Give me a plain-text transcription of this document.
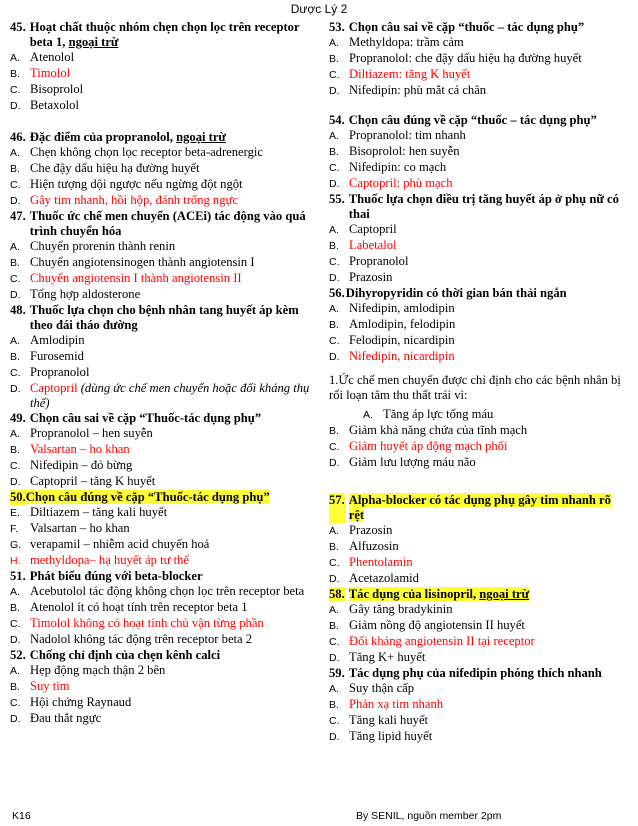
Dược Lý 2
45. Hoạt chất thuộc nhóm chẹn chọn lọc trên receptor beta 1, ngoại trừ
A. Atenolol
B. Timolol
C. Bisoprolol
D. Betaxolol
46. Đặc điểm của propranolol, ngoại trừ
A. Chẹn không chọn lọc receptor beta-adrenergic
B. Che đậy dấu hiệu hạ đường huyết
C. Hiện tượng dội ngược nếu ngừng đột ngột
D. Gây tim nhanh, hồi hộp, đánh trống ngực
47. Thuốc ức chế men chuyển (ACEi) tác động vào quá trình chuyển hóa
A. Chuyển prorenin thành renin
B. Chuyển angiotensinogen thành angiotensin I
C. Chuyển angiotensin I thành angiotensin II
D. Tổng hợp aldosterone
48. Thuốc lựa chọn cho bệnh nhân tang huyết áp kèm theo đái tháo đường
A. Amlodipin
B. Furosemid
C. Propranolol
D. Captopril (dùng ức chế men chuyển hoặc đối kháng thụ thể)
49. Chọn câu sai về cặp “Thuốc-tác dụng phụ”
A. Propranolol – hen suyễn
B. Valsartan – ho khan
C. Nifedipin – đỏ bừng
D. Captopril – tăng K huyết
50. Chọn câu đúng về cặp “Thuốc-tác dụng phụ”
E. Diltiazem – tăng kali huyết
F. Valsartan – ho khan
G. verapamil – nhiễm acid chuyển hoá
H. methyldopa– hạ huyết áp tư thế
51. Phát biểu đúng với beta-blocker
A. Acebutolol tác động không chọn lọc trên receptor beta
B. Atenolol ít có hoạt tính trên receptor beta 1
C. Timolol không có hoạt tính chủ vận từng phần
D. Nadolol không tác động trên receptor beta 2
52. Chống chỉ định của chẹn kênh calci
A. Hẹp động mạch thận 2 bên
B. Suy tim
C. Hội chứng Raynaud
D. Đau thắt ngực
53. Chọn câu sai về cặp “thuốc – tác dụng phụ”
A. Methyldopa: trầm cảm
B. Propranolol: che đậy dấu hiệu hạ đường huyết
C. Diltiazem: tăng K huyết
D. Nifedipin: phù mắt cá chân
54. Chọn câu đúng về cặp “thuốc – tác dụng phụ”
A. Propranolol: tim nhanh
B. Bisoprolol: hen suyễn
C. Nifedipin: co mạch
D. Captopril: phù mạch
55. Thuốc lựa chọn điều trị tăng huyết áp ở phụ nữ có thai
A. Captopril
B. Labetalol
C. Propranolol
D. Prazosin
56. Dihyropyridin có thời gian bán thải ngắn
A. Nifedipin, amlodipin
B. Amlodipin, felodipin
C. Felodipin, nicardipin
D. Nifedipin, nicardipin
1.Ức chế men chuyển được chỉ định cho các bệnh nhân bị rối loạn tâm thu thất trái vì:
A. Tăng áp lực tống máu
B. Giảm khả năng chứa của tĩnh mạch
C. Giảm huyết áp động mạch phổi
D. Giảm lưu lượng máu não
57. Alpha-blocker có tác dụng phụ gây tim nhanh rõ rệt
A. Prazosin
B. Alfuzosin
C. Phentolamin
D. Acetazolamid
58. Tác dụng của lisinopril, ngoại trừ
A. Gây tăng bradykinin
B. Giảm nồng độ angiotensin II huyết
C. Đối kháng angiotensin II tại receptor
D. Tăng K+ huyết
59. Tác dụng phụ của nifedipin phóng thích nhanh
A. Suy thận cấp
B. Phản xạ tim nhanh
C. Tăng kali huyết
D. Tăng lipid huyết
K16	By SENIL, nguồn member 2pm
